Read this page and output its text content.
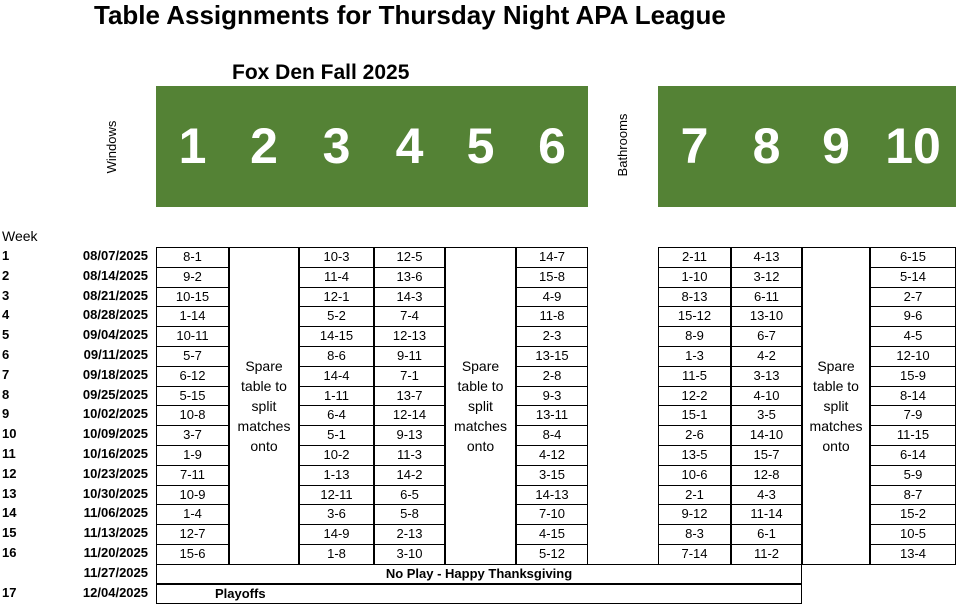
Table Assignments for Thursday Night APA League
Fox Den Fall 2025
Windows	Bathrooms
1 2 3 4 5 6	7 8 9 10
Week
1	08/07/2025	8-1	10-3	12-5	14-7	2-11	4-13	6-15
2	08/14/2025	9-2	11-4	13-6	15-8	1-10	3-12	5-14
3	08/21/2025	10-15	12-1	14-3	4-9	8-13	6-11	2-7
4	08/28/2025	1-14	5-2	7-4	11-8	15-12	13-10	9-6
5	09/04/2025	10-11	14-15	12-13	2-3	8-9	6-7	4-5
6	09/11/2025	5-7	8-6	9-11	13-15	1-3	4-2	12-10
7	09/18/2025	6-12	14-4	7-1	2-8	11-5	3-13	15-9
8	09/25/2025	5-15	1-11	13-7	9-3	12-2	4-10	8-14
9	10/02/2025	10-8	6-4	12-14	13-11	15-1	3-5	7-9
10	10/09/2025	3-7	5-1	9-13	8-4	2-6	14-10	11-15
11	10/16/2025	1-9	10-2	11-3	4-12	13-5	15-7	6-14
12	10/23/2025	7-11	1-13	14-2	3-15	10-6	12-8	5-9
13	10/30/2025	10-9	12-11	6-5	14-13	2-1	4-3	8-7
14	11/06/2025	1-4	3-6	5-8	7-10	9-12	11-14	15-2
15	11/13/2025	12-7	14-9	2-13	4-15	8-3	6-1	10-5
16	11/20/2025	15-6	1-8	3-10	5-12	7-14	11-2	13-4
Spare table to split matches onto
Spare table to split matches onto
Spare table to split matches onto
11/27/2025	No Play - Happy Thanksgiving
17	12/04/2025	Playoffs
